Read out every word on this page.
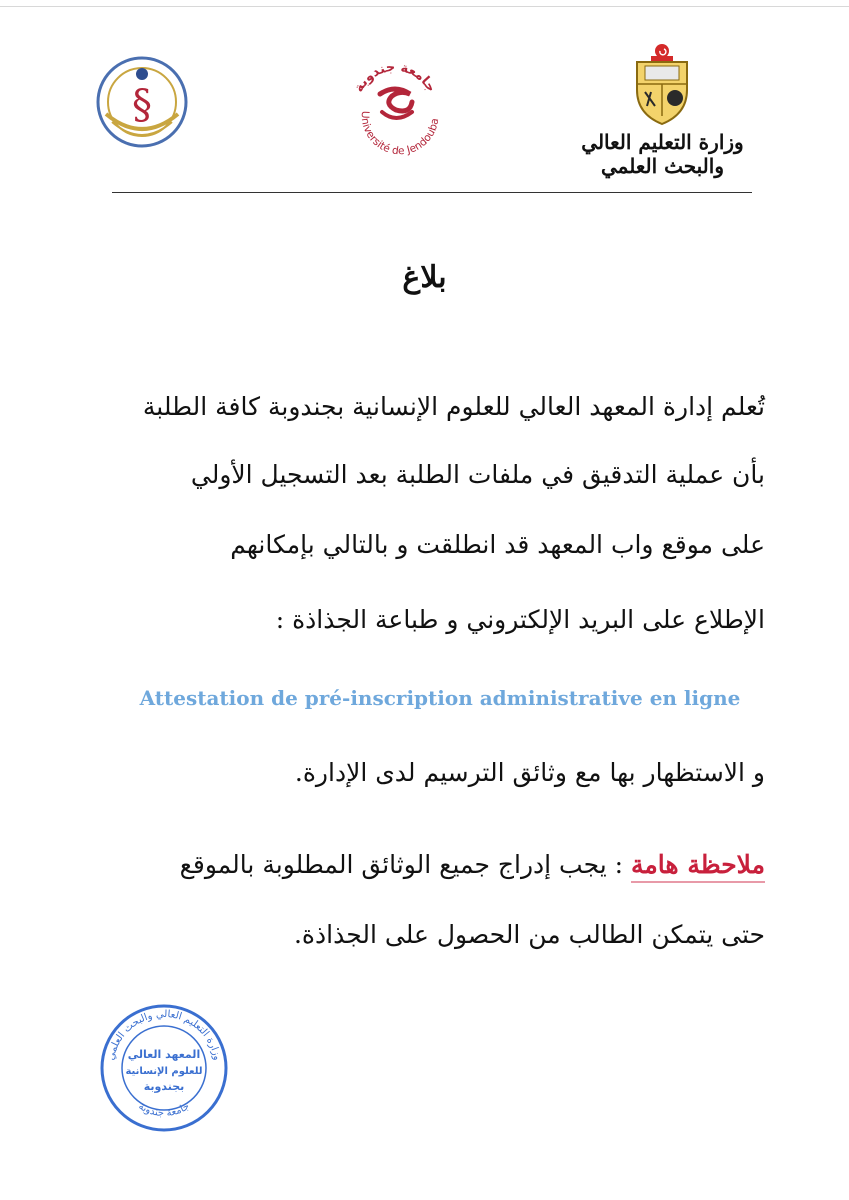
§	جامعة جندوبة
Université de Jendouba
وزارة التعليم العالي
والبحث العلمي
بلاغ
تُعلم إدارة المعهد العالي للعلوم الإنسانية بجندوبة كافة الطلبة
بأن عملية التدقيق في ملفات الطلبة بعد التسجيل الأولي
على موقع واب المعهد قد انطلقت و بالتالي بإمكانهم
الإطلاع على البريد الإلكتروني و طباعة الجذاذة :
Attestation de pré-inscription administrative en ligne
و الاستظهار بها مع وثائق الترسيم لدى الإدارة.
ملاحظة هامة : يجب إدراج جميع الوثائق المطلوبة بالموقع
حتى يتمكن الطالب من الحصول على الجذاذة.
وزارة التعليم العالي والبحث العلمي
جامعة جندوبة
المعهد العالي
للعلوم الإنسانية
بجندوبة
